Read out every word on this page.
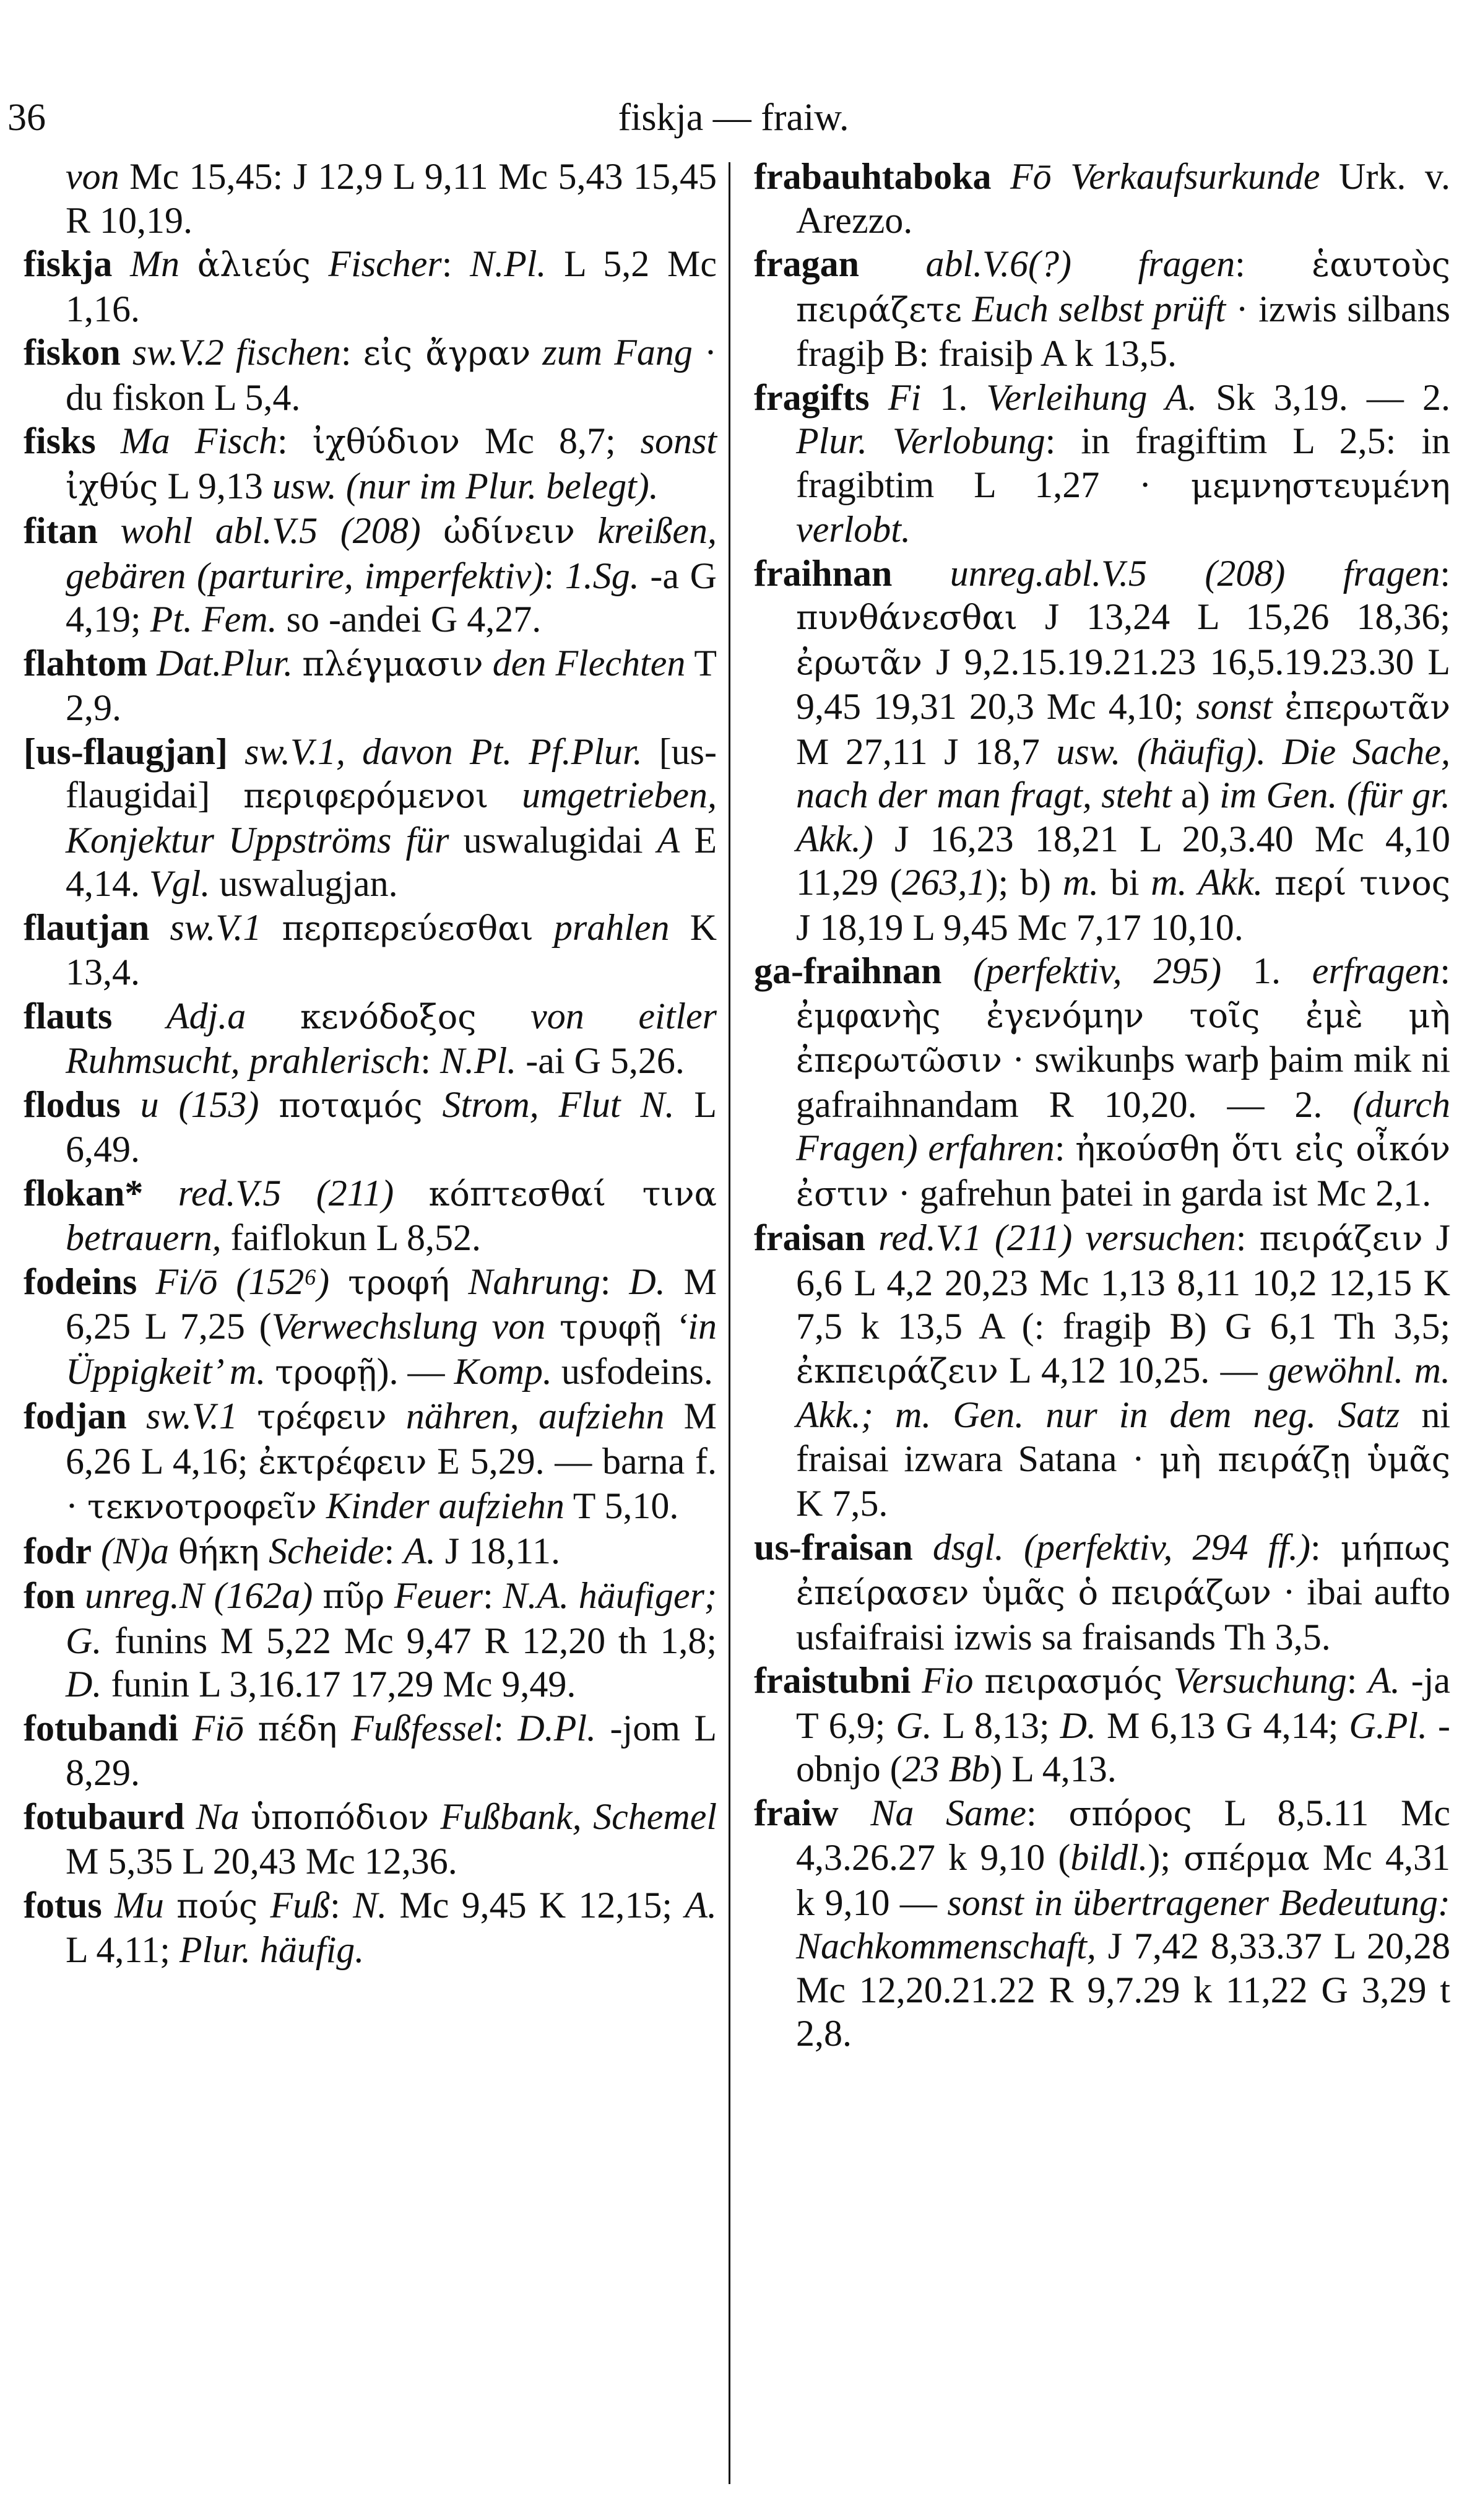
36	fiskja — fraiw.

von Mc 15,45: J 12,9 L 9,11 Mc 5,43 15,45 R 10,19.

fiskja Mn ἁλιεύς Fischer: N.Pl. L 5,2 Mc 1,16.

fiskon sw.V.2 fischen: εἰς ἄγραν zum Fang · du fiskon L 5,4.

fisks Ma Fisch: ἰχθύδιον Mc 8,7; sonst ἰχθύς L 9,13 usw. (nur im Plur. belegt).

fitan wohl abl.V.5 (208) ὠδίνειν kreißen, gebären (parturire, imperfektiv): 1.Sg. -a G 4,19; Pt. Fem. so -andei G 4,27.

flahtom Dat.Plur. πλέγμασιν den Flechten T 2,9.

[us-flaugjan] sw.V.1, davon Pt. Pf.Plur. [us-flaugidai] περιφερόμενοι umgetrieben, Konjektur Uppströms für uswalugidai A E 4,14. Vgl. uswalugjan.

flautjan sw.V.1 περπερεύεσθαι prahlen K 13,4.

flauts Adj.a κενόδοξος von eitler Ruhmsucht, prahlerisch: N.Pl. -ai G 5,26.

flodus u (153) ποταμός Strom, Flut N. L 6,49.

flokan* red.V.5 (211) κόπτεσθαί τινα betrauern, faiflokun L 8,52.

fodeins Fi/ō (152⁶) τροφή Nahrung: D. M 6,25 L 7,25 (Verwechslung von τρυφῇ ‘in Üppigkeit’ m. τροφῇ). — Komp. usfodeins.

fodjan sw.V.1 τρέφειν nähren, aufziehn M 6,26 L 4,16; ἐκτρέφειν E 5,29. — barna f. · τεκνοτροφεῖν Kinder aufziehn T 5,10.

fodr (N)a θήκη Scheide: A. J 18,11.

fon unreg.N (162a) πῦρ Feuer: N.A. häufiger; G. funins M 5,22 Mc 9,47 R 12,20 th 1,8; D. funin L 3,16.17 17,29 Mc 9,49.

fotubandi Fiō πέδη Fußfessel: D.Pl. -jom L 8,29.

fotubaurd Na ὑποπόδιον Fußbank, Schemel M 5,35 L 20,43 Mc 12,36.

fotus Mu πούς Fuß: N. Mc 9,45 K 12,15; A. L 4,11; Plur. häufig.

frabauhtaboka Fō Verkaufsurkunde Urk. v. Arezzo.

fragan abl.V.6(?) fragen: ἑαυτοὺς πειράζετε Euch selbst prüft · izwis silbans fragiþ B: fraisiþ A k 13,5.

fragifts Fi 1. Verleihung A. Sk 3,19. — 2. Plur. Verlobung: in fragiftim L 2,5: in fragibtim L 1,27 · μεμνηστευμένη verlobt.

fraihnan unreg.abl.V.5 (208) fragen: πυνθάνεσθαι J 13,24 L 15,26 18,36; ἐρωτᾶν J 9,2.15.19.21.23 16,5.19.23.30 L 9,45 19,31 20,3 Mc 4,10; sonst ἐπερωτᾶν M 27,11 J 18,7 usw. (häufig). Die Sache, nach der man fragt, steht a) im Gen. (für gr. Akk.) J 16,23 18,21 L 20,3.40 Mc 4,10 11,29 (263,1); b) m. bi m. Akk. περί τινος J 18,19 L 9,45 Mc 7,17 10,10.

ga-fraihnan (perfektiv, 295) 1. erfragen: ἐμφανὴς ἐγενόμην τοῖς ἐμὲ μὴ ἐπερωτῶσιν · swikunþs warþ þaim mik ni gafraihnandam R 10,20. — 2. (durch Fragen) erfahren: ἠκούσθη ὅτι εἰς οἶκόν ἐστιν · gafrehun þatei in garda ist Mc 2,1.

fraisan red.V.1 (211) versuchen: πειράζειν J 6,6 L 4,2 20,23 Mc 1,13 8,11 10,2 12,15 K 7,5 k 13,5 A (: fragiþ B) G 6,1 Th 3,5; ἐκπειράζειν L 4,12 10,25. — gewöhnl. m. Akk.; m. Gen. nur in dem neg. Satz ni fraisai izwara Satana · μὴ πειράζῃ ὑμᾶς K 7,5.

us-fraisan dsgl. (perfektiv, 294 ff.): μήπως ἐπείρασεν ὑμᾶς ὁ πειράζων · ibai aufto usfaifraisi izwis sa fraisands Th 3,5.

fraistubni Fio πειρασμός Versuchung: A. -ja T 6,9; G. L 8,13; D. M 6,13 G 4,14; G.Pl. -obnjo (23 Bb) L 4,13.

fraiw Na Same: σπόρος L 8,5.11 Mc 4,3.26.27 k 9,10 (bildl.); σπέρμα Mc 4,31 k 9,10 — sonst in übertragener Bedeutung: Nachkommenschaft, J 7,42 8,33.37 L 20,28 Mc 12,20.21.22 R 9,7.29 k 11,22 G 3,29 t 2,8.
